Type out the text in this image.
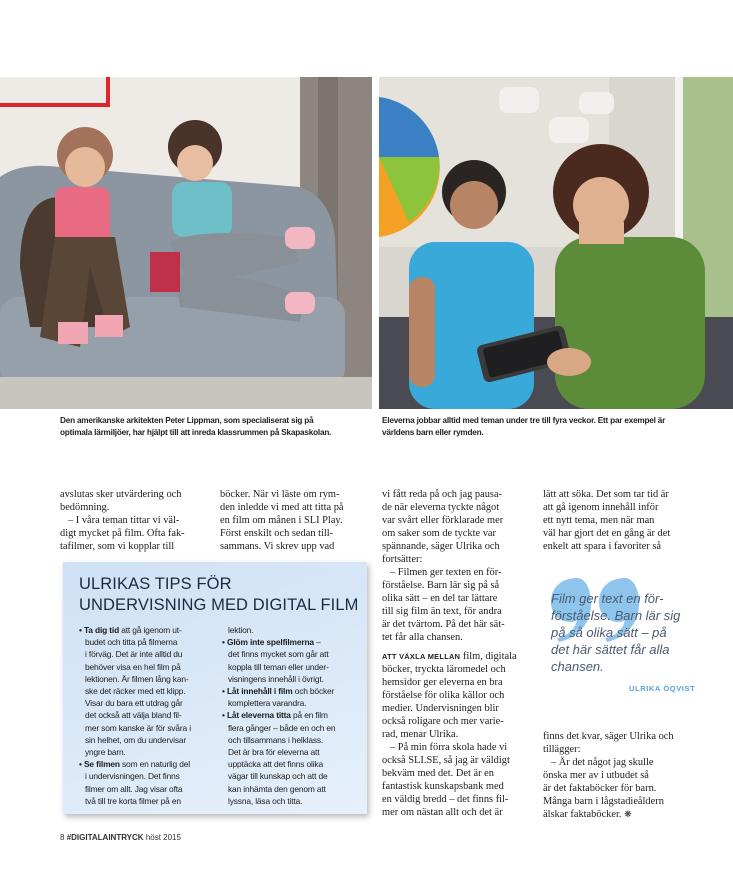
Den amerikanske arkitekten Peter Lippman, som specialiserat sig på
optimala lärmiljöer, har hjälpt till att inreda klassrummen på Skapaskolan.
Eleverna jobbar alltid med teman under tre till fyra veckor. Ett par exempel är
världens barn eller rymden.
avslutas sker utvärdering och
bedömning.
– I våra teman tittar vi väl-
digt mycket på film. Ofta fak-
tafilmer, som vi kopplar till
böcker. När vi läste om rym-
den inledde vi med att titta på
en film om månen i SLI Play.
Först enskilt och sedan till-
sammans. Vi skrev upp vad
vi fått reda på och jag pausa-
de när eleverna tyckte något
var svårt eller förklarade mer
om saker som de tyckte var
spännande, säger Ulrika och
fortsätter:
– Filmen ger texten en för-
förståelse. Barn lär sig på så
olika sätt – en del tar lättare
till sig film än text, för andra
är det tvärtom. På det här sät-
tet får alla chansen.
ATT VÄXLA MELLAN film, digitala
böcker, tryckta läromedel och
hemsidor ger eleverna en bra
förståelse för olika källor och
medier. Undervisningen blir
också roligare och mer varie-
rad, menar Ulrika.
– På min förra skola hade vi
också SLI.SE, så jag är väldigt
bekväm med det. Det är en
fantastisk kunskapsbank med
en väldig bredd – det finns fil-
mer om nästan allt och det är
lätt att söka. Det som tar tid är
att gå igenom innehåll inför
ett nytt tema, men när man
väl har gjort det en gång är det
enkelt att spara i favoriter så
finns det kvar, säger Ulrika och
tillägger:
– Är det något jag skulle
önska mer av i utbudet så
är det faktaböcker för barn.
Många barn i lågstadieåldern
älskar faktaböcker. ❋
Film ger text en för-
förståelse. Barn lär sig
på så olika sätt – på
det här sättet får alla
chansen.
ULRIKA ÖQVIST
ULRIKAS TIPS FÖR
UNDERVISNING MED DIGITAL FILM
• Ta dig tid att gå igenom ut-
budet och titta på filmerna
i förväg. Det är inte alltid du
behöver visa en hel film på
lektionen. Är filmen lång kan-
ske det räcker med ett klipp.
Visar du bara ett utdrag går
det också att välja bland fil-
mer som kanske är för svåra i
sin helhet, om du undervisar
yngre barn.
• Se filmen som en naturlig del
i undervisningen. Det finns
filmer om allt. Jag visar ofta
två till tre korta filmer på en
lektion.
• Glöm inte spelfilmerna –
det finns mycket som går att
koppla till teman eller under-
visningens innehåll i övrigt.
• Låt innehåll i film och böcker
komplettera varandra.
• Låt eleverna titta på en film
flera gånger – både en och en
och tillsammans i helklass.
Det är bra för eleverna att
upptäcka att det finns olika
vägar till kunskap och att de
kan inhämta den genom att
lyssna, läsa och titta.
8 #DIGITALAINTRYCK höst 2015
